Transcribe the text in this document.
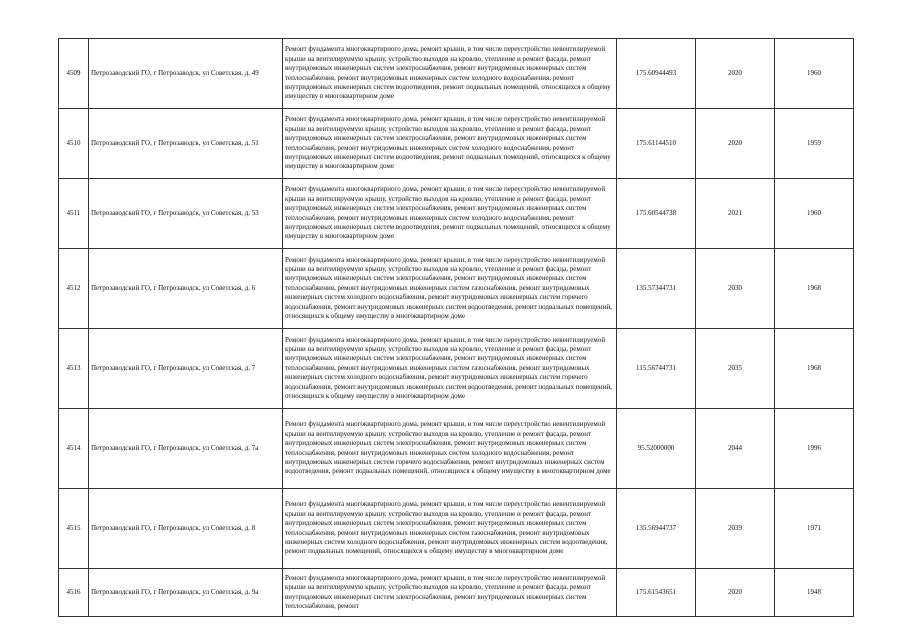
4509	Петрозаводский ГО, г Петрозаводск, ул Советская, д. 49	Ремонт фундамента многоквартирного дома, ремонт крыши, в том числе переустройство невентилируемой крыши на вентилируемую крышу, устройство выходов на кровлю, утепление и ремонт фасада, ремонт внутридомовых инженерных систем электроснабжения, ремонт внутридомовых инженерных систем теплоснабжения, ремонт внутридомовых инженерных систем холодного водоснабжения, ремонт внутридомовых инженерных систем водоотведения, ремонт подвальных помещений, относящихся к общему имуществу в многоквартирном доме	175.60944493	2020	1960
4510	Петрозаводский ГО, г Петрозаводск, ул Советская, д. 51	Ремонт фундамента многоквартирного дома, ремонт крыши, в том числе переустройство невентилируемой крыши на вентилируемую крышу, устройство выходов на кровлю, утепление и ремонт фасада, ремонт внутридомовых инженерных систем электроснабжения, ремонт внутридомовых инженерных систем теплоснабжения, ремонт внутридомовых инженерных систем холодного водоснабжения, ремонт внутридомовых инженерных систем водоотведения, ремонт подвальных помещений, относящихся к общему имуществу в многоквартирном доме	175.61144510	2020	1959
4511	Петрозаводский ГО, г Петрозаводск, ул Советская, д. 53	Ремонт фундамента многоквартирного дома, ремонт крыши, в том числе переустройство невентилируемой крыши на вентилируемую крышу, устройство выходов на кровлю, утепление и ремонт фасада, ремонт внутридомовых инженерных систем электроснабжения, ремонт внутридомовых инженерных систем теплоснабжения, ремонт внутридомовых инженерных систем холодного водоснабжения, ремонт внутридомовых инженерных систем водоотведения, ремонт подвальных помещений, относящихся к общему имуществу в многоквартирном доме	175.60544738	2021	1960
4512	Петрозаводский ГО, г Петрозаводск, ул Советская, д. 6	Ремонт фундамента многоквартирного дома, ремонт крыши, в том числе переустройство невентилируемой крыши на вентилируемую крышу, устройство выходов на кровлю, утепление и ремонт фасада, ремонт внутридомовых инженерных систем электроснабжения, ремонт внутридомовых инженерных систем теплоснабжения, ремонт внутридомовых инженерных систем газоснабжения, ремонт внутридомовых инженерных систем холодного водоснабжения, ремонт внутридомовых инженерных систем горячего водоснабжения, ремонт внутридомовых инженерных систем водоотведения, ремонт подвальных помещений, относящихся к общему имуществу в многоквартирном доме	135.57344731	2030	1968
4513	Петрозаводский ГО, г Петрозаводск, ул Советская, д. 7	Ремонт фундамента многоквартирного дома, ремонт крыши, в том числе переустройство невентилируемой крыши на вентилируемую крышу, устройство выходов на кровлю, утепление и ремонт фасада, ремонт внутридомовых инженерных систем электроснабжения, ремонт внутридомовых инженерных систем теплоснабжения, ремонт внутридомовых инженерных систем газоснабжения, ремонт внутридомовых инженерных систем холодного водоснабжения, ремонт внутридомовых инженерных систем горячего водоснабжения, ремонт внутридомовых инженерных систем водоотведения, ремонт подвальных помещений, относящихся к общему имуществу в многоквартирном доме	115.56744731	2035	1968
4514	Петрозаводский ГО, г Петрозаводск, ул Советская, д. 7а	Ремонт фундамента многоквартирного дома, ремонт крыши, в том числе переустройство невентилируемой крыши на вентилируемую крышу, устройство выходов на кровлю, утепление и ремонт фасада, ремонт внутридомовых инженерных систем электроснабжения, ремонт внутридомовых инженерных систем теплоснабжения, ремонт внутридомовых инженерных систем холодного водоснабжения, ремонт внутридомовых инженерных систем горячего водоснабжения, ремонт внутридомовых инженерных систем водоотведения, ремонт подвальных помещений, относящихся к общему имуществу в многоквартирном доме	95.52000000	2044	1996
4515	Петрозаводский ГО, г Петрозаводск, ул Советская, д. 8	Ремонт фундамента многоквартирного дома, ремонт крыши, в том числе переустройство невентилируемой крыши на вентилируемую крышу, устройство выходов на кровлю, утепление и ремонт фасада, ремонт внутридомовых инженерных систем электроснабжения, ремонт внутридомовых инженерных систем теплоснабжения, ремонт внутридомовых инженерных систем газоснабжения, ремонт внутридомовых инженерных систем холодного водоснабжения, ремонт внутридомовых инженерных систем водоотведения, ремонт подвальных помещений, относящихся к общему имуществу в многоквартирном доме	135.56944737	2039	1971
4516	Петрозаводский ГО, г Петрозаводск, ул Советская, д. 9а	Ремонт фундамента многоквартирного дома, ремонт крыши, в том числе переустройство невентилируемой крыши на вентилируемую крышу, устройство выходов на кровлю, утепление и ремонт фасада, ремонт внутридомовых инженерных систем электроснабжения, ремонт внутридомовых инженерных систем теплоснабжения, ремонт	175.61543651	2020	1948
